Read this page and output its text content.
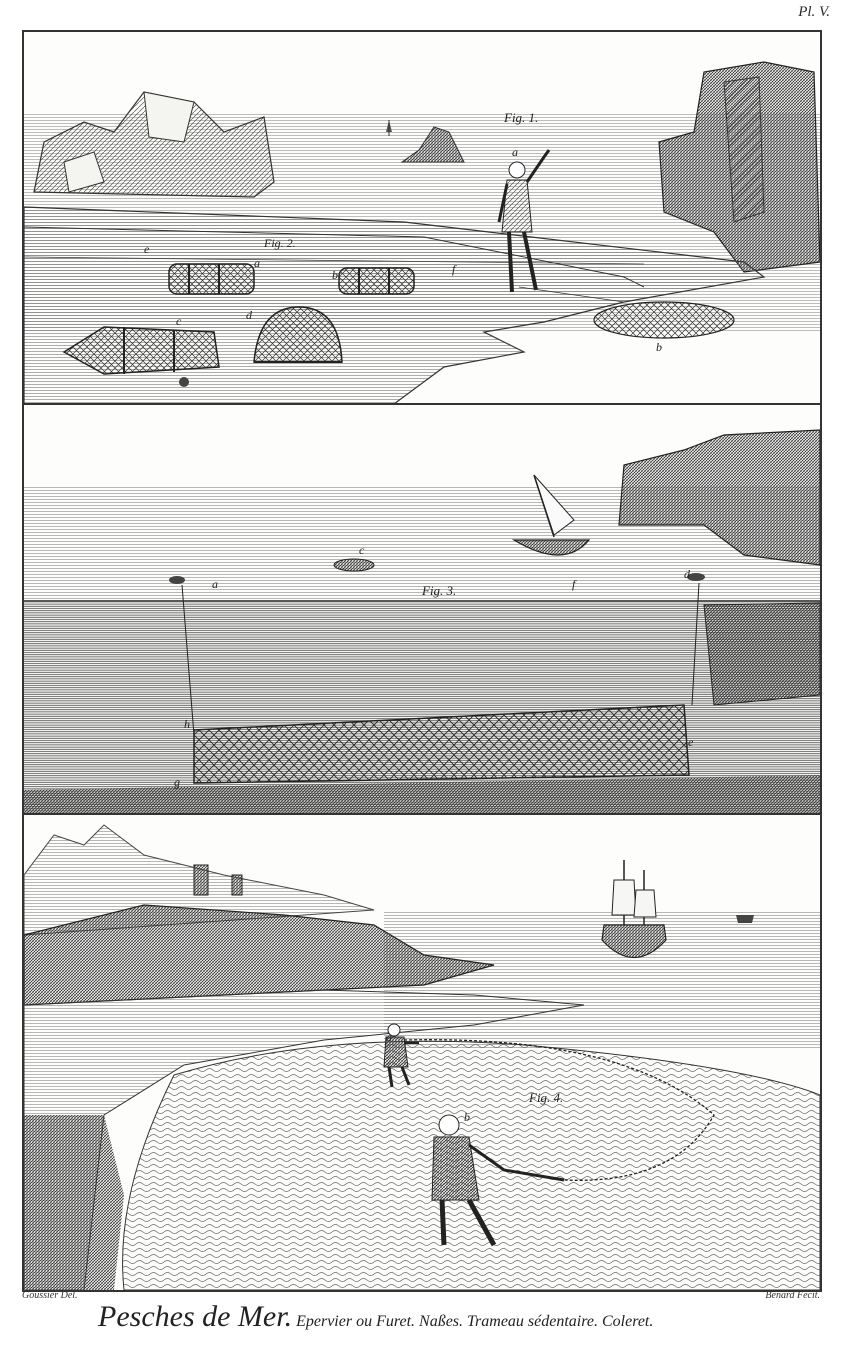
Pl. V.
Fig. 1.
a
b
e	Fig. 2.
a
b	f
c	d
Fig. 3.
a
c
f
d
h
e
g
Fig. 4.
a
b
Goussier Del.	Benard Fecit.
Pesches de Mer. Epervier ou Furet. Naßes. Trameau sédentaire. Coleret.
